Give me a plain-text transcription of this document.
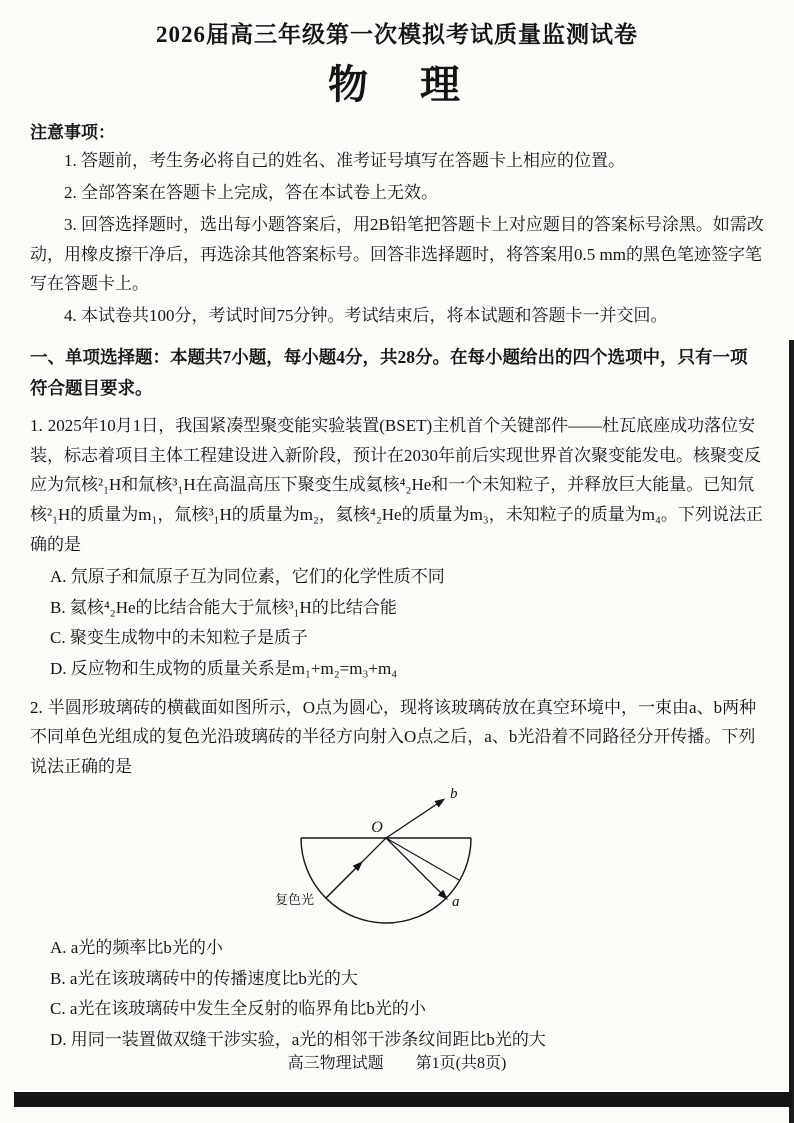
2026届高三年级第一次模拟考试质量监测试卷
物　理
注意事项：

1. 答题前，考生务必将自己的姓名、准考证号填写在答题卡上相应的位置。

2. 全部答案在答题卡上完成，答在本试卷上无效。

3. 回答选择题时，选出每小题答案后，用2B铅笔把答题卡上对应题目的答案标号涂黑。如需改动，用橡皮擦干净后，再选涂其他答案标号。回答非选择题时，将答案用0.5 mm的黑色笔迹签字笔写在答题卡上。

4. 本试卷共100分，考试时间75分钟。考试结束后，将本试题和答题卡一并交回。

一、单项选择题：本题共7小题，每小题4分，共28分。在每小题给出的四个选项中，只有一项符合题目要求。

1. 2025年10月1日，我国紧凑型聚变能实验装置(BSET)主机首个关键部件——杜瓦底座成功落位安装，标志着项目主体工程建设进入新阶段，预计在2030年前后实现世界首次聚变能发电。核聚变反应为氘核²₁H和氚核³₁H在高温高压下聚变生成氦核⁴₂He和一个未知粒子，并释放巨大能量。已知氘核²₁H的质量为m₁，氚核³₁H的质量为m₂，氦核⁴₂He的质量为m₃，未知粒子的质量为m₄。下列说法正确的是

A. 氘原子和氚原子互为同位素，它们的化学性质不同
B. 氦核⁴₂He的比结合能大于氚核³₁H的比结合能
C. 聚变生成物中的未知粒子是质子
D. 反应物和生成物的质量关系是m₁+m₂=m₃+m₄

2. 半圆形玻璃砖的横截面如图所示，O点为圆心，现将该玻璃砖放在真空环境中，一束由a、b两种不同单色光组成的复色光沿玻璃砖的半径方向射入O点之后，a、b光沿着不同路径分开传播。下列说法正确的是

O
b
a
复色光
A. a光的频率比b光的小
B. a光在该玻璃砖中的传播速度比b光的大
C. a光在该玻璃砖中发生全反射的临界角比b光的小
D. 用同一装置做双缝干涉实验，a光的相邻干涉条纹间距比b光的大
高三物理试题　　第1页(共8页)
